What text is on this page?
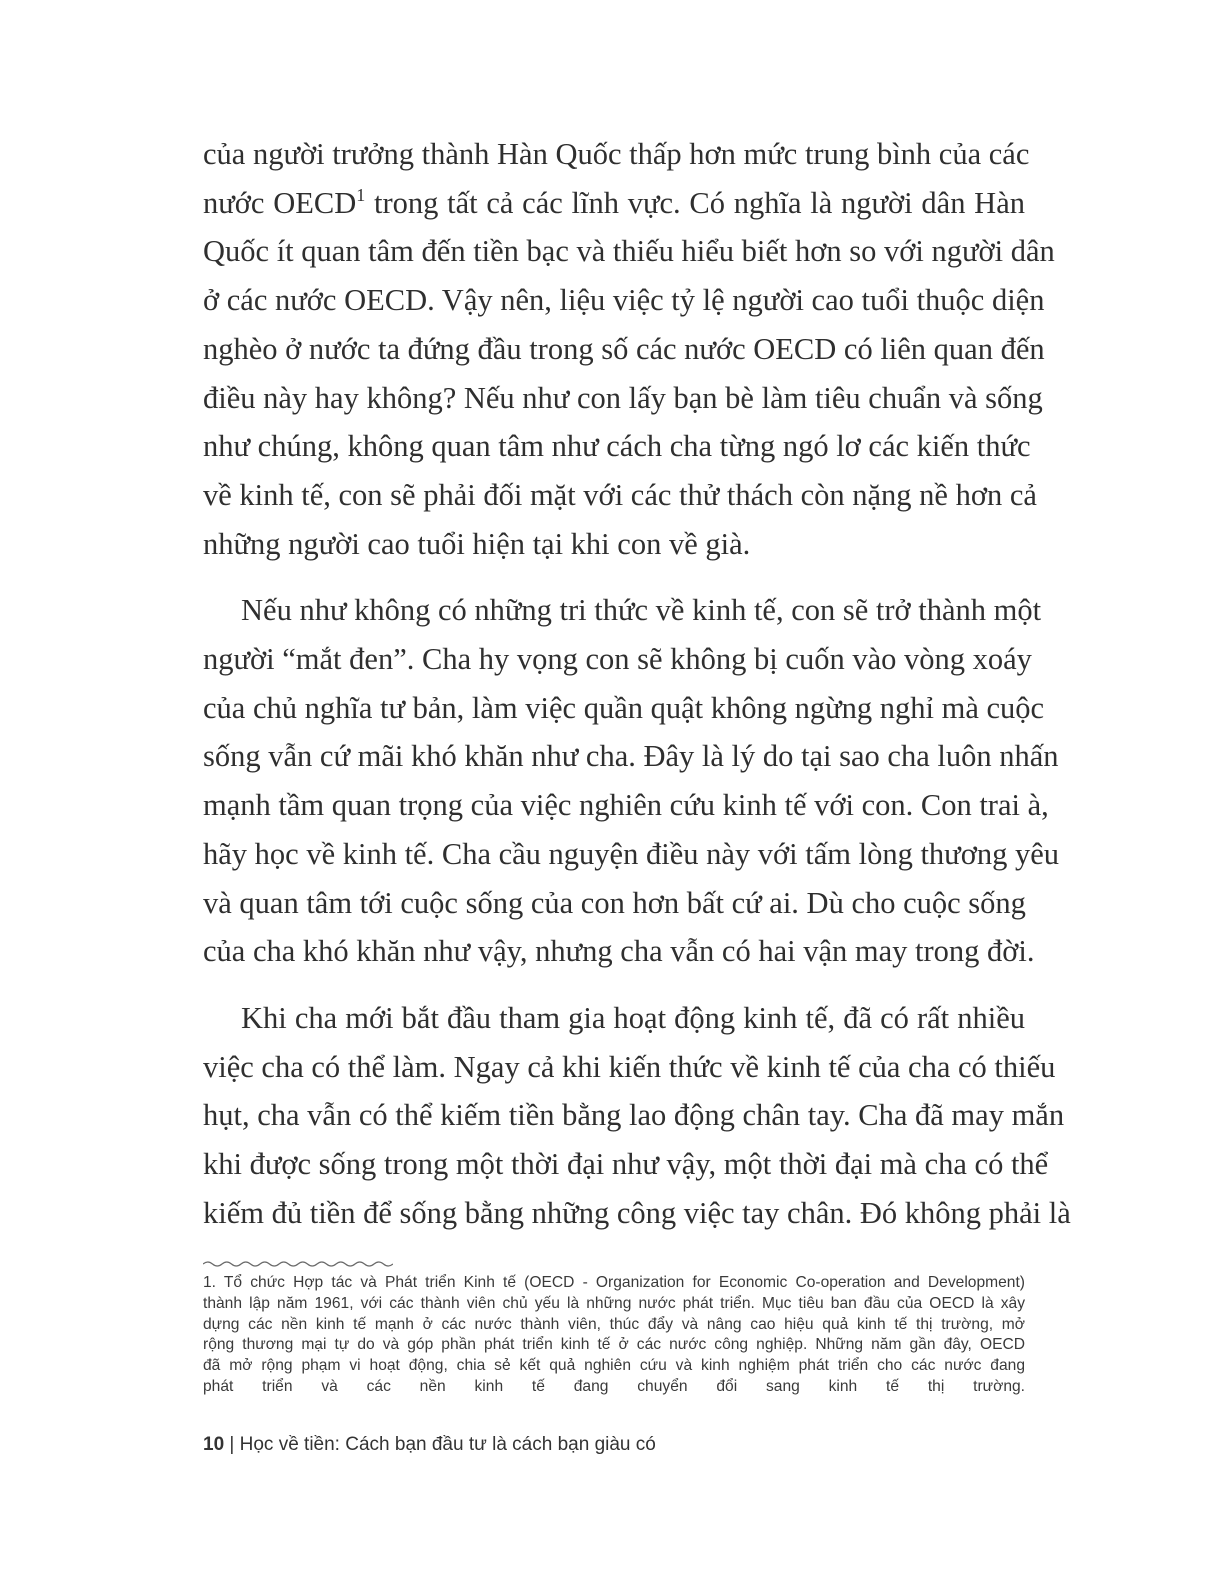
của người trưởng thành Hàn Quốc thấp hơn mức trung bình của các
nước OECD$^1$ trong tất cả các lĩnh vực. Có nghĩa là người dân Hàn
Quốc ít quan tâm đến tiền bạc và thiếu hiểu biết hơn so với người dân
ở các nước OECD. Vậy nên, liệu việc tỷ lệ người cao tuổi thuộc diện
nghèo ở nước ta đứng đầu trong số các nước OECD có liên quan đến
điều này hay không? Nếu như con lấy bạn bè làm tiêu chuẩn và sống
như chúng, không quan tâm như cách cha từng ngó lơ các kiến thức
về kinh tế, con sẽ phải đối mặt với các thử thách còn nặng nề hơn cả
những người cao tuổi hiện tại khi con về già.
Nếu như không có những tri thức về kinh tế, con sẽ trở thành một
người “mắt đen”. Cha hy vọng con sẽ không bị cuốn vào vòng xoáy
của chủ nghĩa tư bản, làm việc quần quật không ngừng nghỉ mà cuộc
sống vẫn cứ mãi khó khăn như cha. Đây là lý do tại sao cha luôn nhấn
mạnh tầm quan trọng của việc nghiên cứu kinh tế với con. Con trai à,
hãy học về kinh tế. Cha cầu nguyện điều này với tấm lòng thương yêu
và quan tâm tới cuộc sống của con hơn bất cứ ai. Dù cho cuộc sống
của cha khó khăn như vậy, nhưng cha vẫn có hai vận may trong đời.
Khi cha mới bắt đầu tham gia hoạt động kinh tế, đã có rất nhiều
việc cha có thể làm. Ngay cả khi kiến thức về kinh tế của cha có thiếu
hụt, cha vẫn có thể kiếm tiền bằng lao động chân tay. Cha đã may mắn
khi được sống trong một thời đại như vậy, một thời đại mà cha có thể
kiếm đủ tiền để sống bằng những công việc tay chân. Đó không phải là
1. Tổ chức Hợp tác và Phát triển Kinh tế (OECD - Organization for Economic Co-operation and Development)
thành lập năm 1961, với các thành viên chủ yếu là những nước phát triển. Mục tiêu ban đầu của OECD là xây
dựng các nền kinh tế mạnh ở các nước thành viên, thúc đẩy và nâng cao hiệu quả kinh tế thị trường, mở
rộng thương mại tự do và góp phần phát triển kinh tế ở các nước công nghiệp. Những năm gần đây, OECD
đã mở rộng phạm vi hoạt động, chia sẻ kết quả nghiên cứu và kinh nghiệm phát triển cho các nước đang
phát triển và các nền kinh tế đang chuyển đổi sang kinh tế thị trường.
10 | Học về tiền: Cách bạn đầu tư là cách bạn giàu có
